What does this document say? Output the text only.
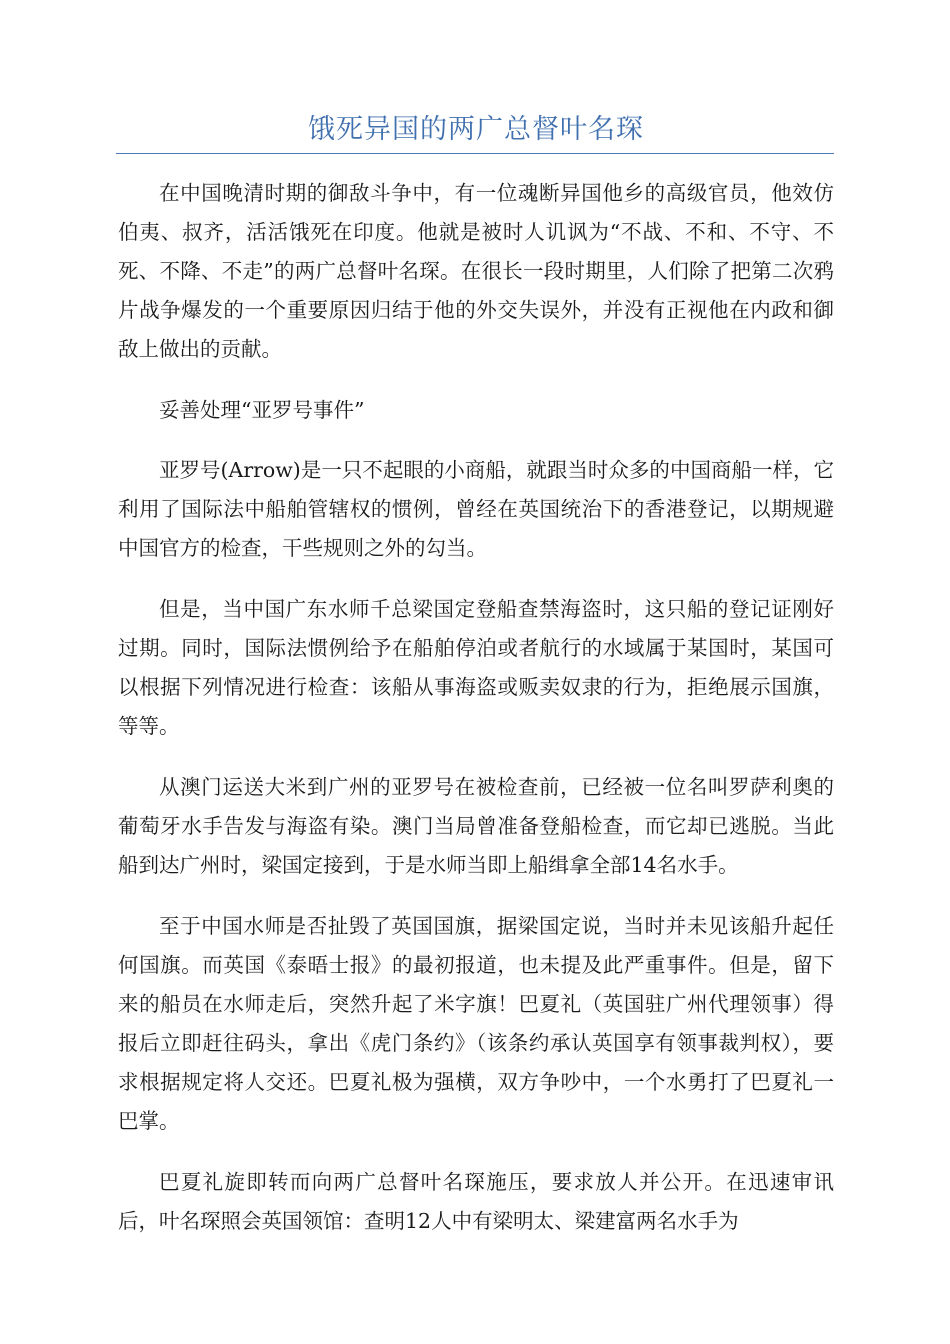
饿死异国的两广总督叶名琛

在中国晚清时期的御敌斗争中，有一位魂断异国他乡的高级官员，他效仿伯夷、叔齐，活活饿死在印度。他就是被时人讥讽为“不战、不和、不守、不死、不降、不走”的两广总督叶名琛。在很长一段时期里，人们除了把第二次鸦片战争爆发的一个重要原因归结于他的外交失误外，并没有正视他在内政和御敌上做出的贡献。

妥善处理“亚罗号事件”

亚罗号(Arrow)是一只不起眼的小商船，就跟当时众多的中国商船一样，它利用了国际法中船舶管辖权的惯例，曾经在英国统治下的香港登记，以期规避中国官方的检查，干些规则之外的勾当。

但是，当中国广东水师千总梁国定登船查禁海盗时，这只船的登记证刚好过期。同时，国际法惯例给予在船舶停泊或者航行的水域属于某国时，某国可以根据下列情况进行检查：该船从事海盗或贩卖奴隶的行为，拒绝展示国旗，等等。

从澳门运送大米到广州的亚罗号在被检查前，已经被一位名叫罗萨利奥的葡萄牙水手告发与海盗有染。澳门当局曾准备登船检查，而它却已逃脱。当此船到达广州时，梁国定接到，于是水师当即上船缉拿全部14名水手。

至于中国水师是否扯毁了英国国旗，据梁国定说，当时并未见该船升起任何国旗。而英国《泰晤士报》的最初报道，也未提及此严重事件。但是，留下来的船员在水师走后，突然升起了米字旗！巴夏礼（英国驻广州代理领事）得报后立即赶往码头，拿出《虎门条约》（该条约承认英国享有领事裁判权），要求根据规定将人交还。巴夏礼极为强横，双方争吵中，一个水勇打了巴夏礼一巴掌。

巴夏礼旋即转而向两广总督叶名琛施压，要求放人并公开。在迅速审讯后，叶名琛照会英国领馆：查明12人中有梁明太、梁建富两名水手为
